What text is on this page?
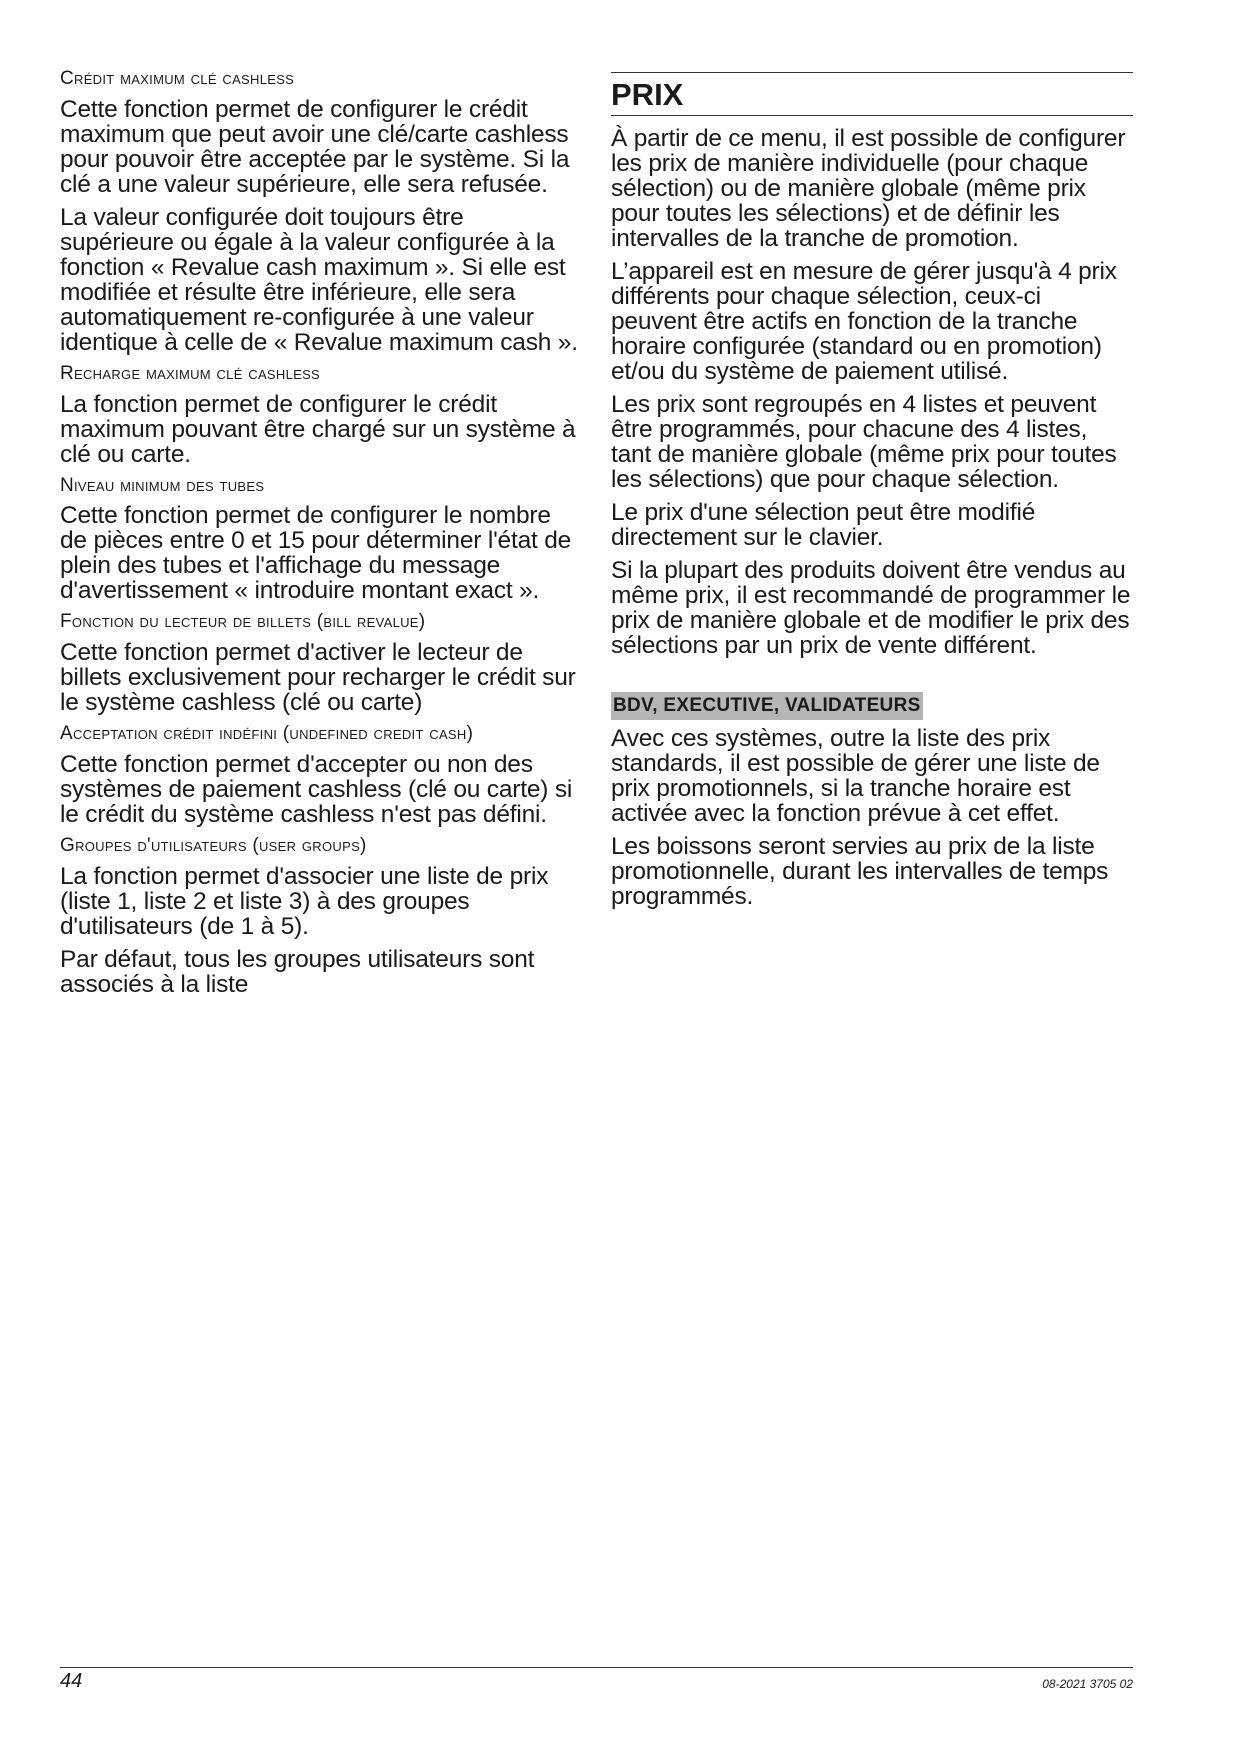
Crédit maximum clé cashless

Cette fonction permet de configurer le crédit maximum que peut avoir une clé/carte cashless pour pouvoir être acceptée par le système. Si la clé a une valeur supérieure, elle sera refusée.

La valeur configurée doit toujours être supérieure ou égale à la valeur configurée à la fonction « Revalue cash maximum ». Si elle est modifiée et résulte être inférieure, elle sera automatiquement re-configurée à une valeur identique à celle de « Revalue maximum cash ».

Recharge maximum clé cashless

La fonction permet de configurer le crédit maximum pouvant être chargé sur un système à clé ou carte.

Niveau minimum des tubes

Cette fonction permet de configurer le nombre de pièces entre 0 et 15 pour déterminer l'état de plein des tubes et l'affichage du message d'avertissement « introduire montant exact ».

Fonction du lecteur de billets (bill revalue)

Cette fonction permet d'activer le lecteur de billets exclusivement pour recharger le crédit sur le système cashless (clé ou carte)

Acceptation crédit indéfini (undefined credit cash)

Cette fonction permet d'accepter ou non des systèmes de paiement cashless (clé ou carte) si le crédit du système cashless n'est pas défini.

Groupes d'utilisateurs (user groups)

La fonction permet d'associer une liste de prix (liste 1, liste 2 et liste 3) à des groupes d'utilisateurs (de 1 à 5).

Par défaut, tous les groupes utilisateurs sont associés à la liste

PRIX

À partir de ce menu, il est possible de configurer les prix de manière individuelle (pour chaque sélection) ou de manière globale (même prix pour toutes les sélections) et de définir les intervalles de la tranche de promotion.

L’appareil est en mesure de gérer jusqu'à 4 prix différents pour chaque sélection, ceux-ci peuvent être actifs en fonction de la tranche horaire configurée (standard ou en promotion) et/ou du système de paiement utilisé.

Les prix sont regroupés en 4 listes et peuvent être programmés, pour chacune des 4 listes, tant de manière globale (même prix pour toutes les sélections) que pour chaque sélection.

Le prix d'une sélection peut être modifié directement sur le clavier.

Si la plupart des produits doivent être vendus au même prix, il est recommandé de programmer le prix de manière globale et de modifier le prix des sélections par un prix de vente différent.

BDV, EXECUTIVE, VALIDATEURS

Avec ces systèmes, outre la liste des prix standards, il est possible de gérer une liste de prix promotionnels, si la tranche horaire est activée avec la fonction prévue à cet effet.

Les boissons seront servies au prix de la liste promotionnelle, durant les intervalles de temps programmés.

44	08-2021 3705 02
